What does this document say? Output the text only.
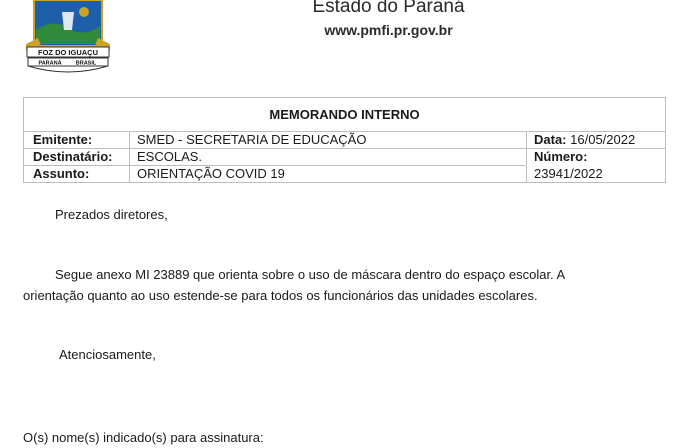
FOZ DO IGUAÇU
PARANÁ	BRASIL
Estado do Paraná
www.pmfi.pr.gov.br
MEMORANDO INTERNO
Emitente:	SMED - SECRETARIA DE EDUCAÇÃO	Data: 16/05/2022
Destinatário:	ESCOLAS.	Número:
Assunto:	ORIENTAÇÃO COVID 19	23941/2022
Prezados diretores,
Segue anexo MI 23889 que orienta sobre o uso de máscara dentro do espaço escolar. A
orientação quanto ao uso estende-se para todos os funcionários das unidades escolares.
Atenciosamente,
O(s) nome(s) indicado(s) para assinatura:
